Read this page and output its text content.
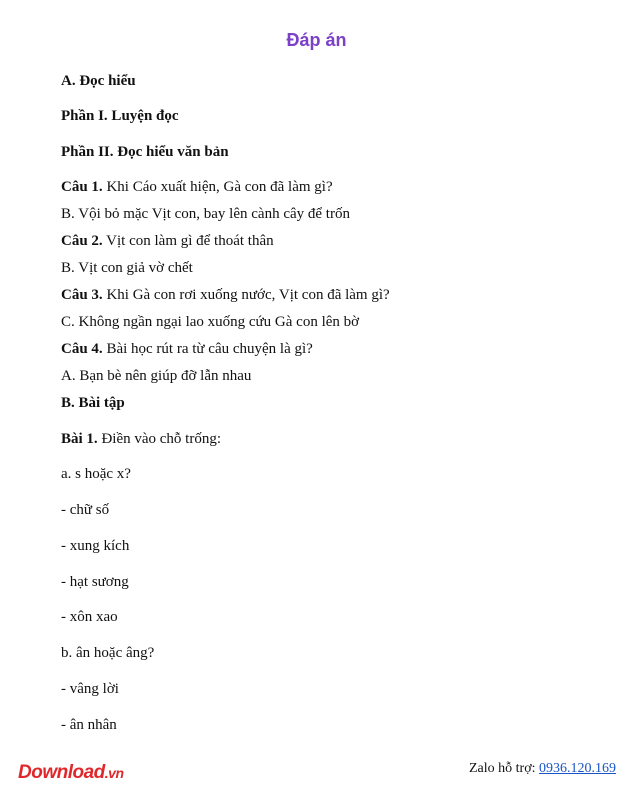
Đáp án
A. Đọc hiểu
Phần I. Luyện đọc
Phần II. Đọc hiểu văn bản
Câu 1. Khi Cáo xuất hiện, Gà con đã làm gì?
B. Vội bỏ mặc Vịt con, bay lên cành cây để trốn
Câu 2. Vịt con làm gì để thoát thân
B. Vịt con giả vờ chết
Câu 3. Khi Gà con rơi xuống nước, Vịt con đã làm gì?
C. Không ngần ngại lao xuống cứu Gà con lên bờ
Câu 4. Bài học rút ra từ câu chuyện là gì?
A. Bạn bè nên giúp đỡ lẫn nhau
B. Bài tập
Bài 1. Điền vào chỗ trống:
a. s hoặc x?
- chữ số
- xung kích
- hạt sương
- xôn xao
b. ân hoặc âng?
- vâng lời
- ân nhân
Download.vn	Zalo hỗ trợ: 0936.120.169
